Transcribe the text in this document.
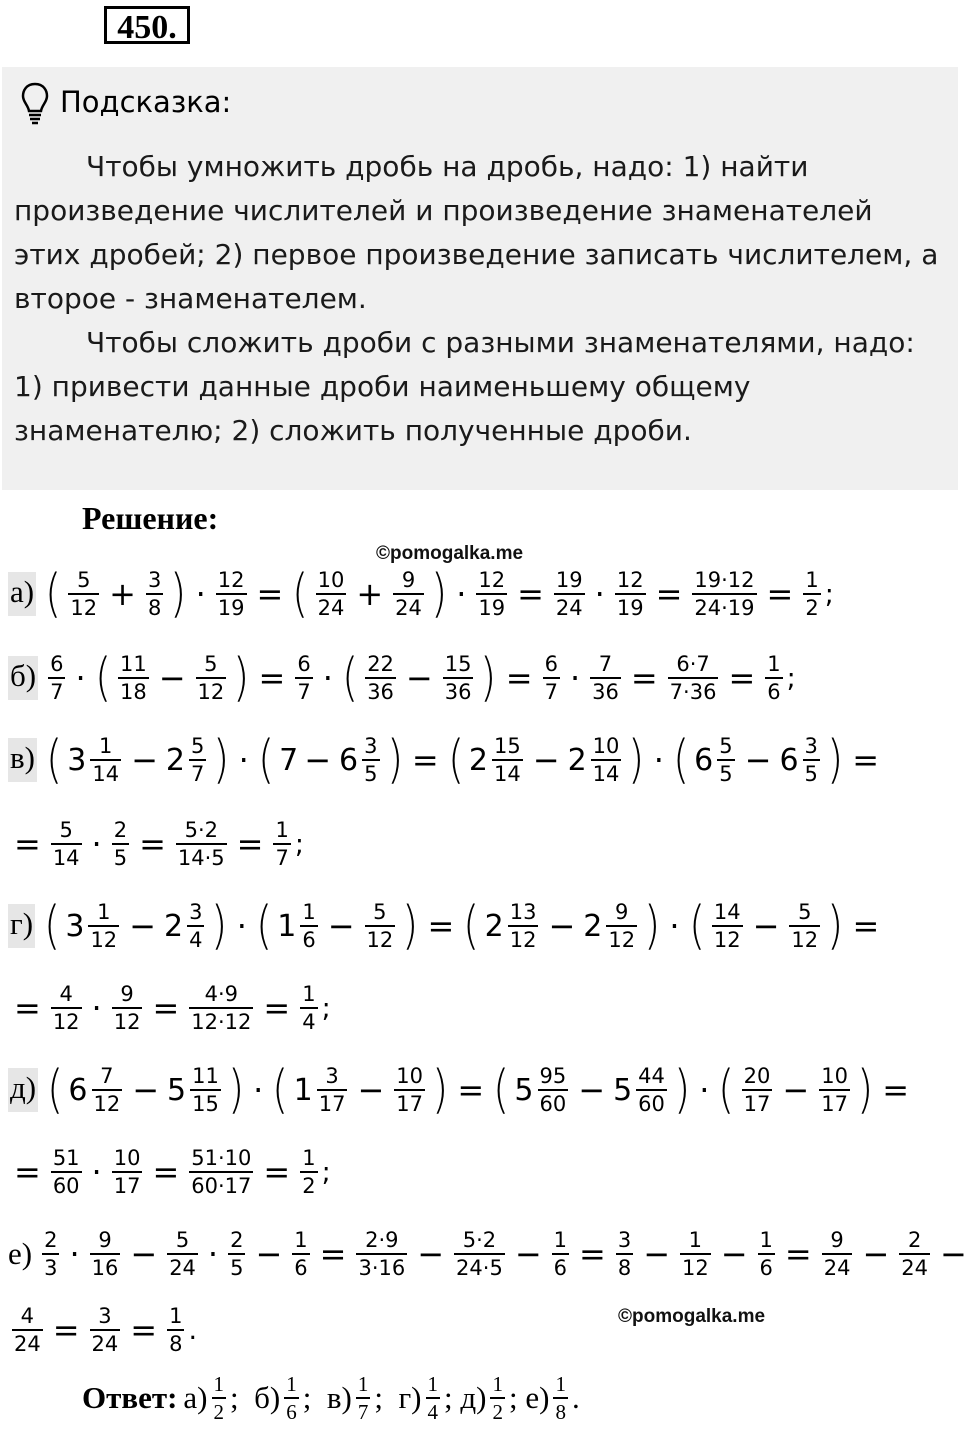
450.
Подсказка:
Чтобы умножить дробь на дробь, надо: 1) найти произведение числителей и произведение знаменателей этих дробей; 2) первое произведение записать числителем, а второе - знаменателем.
Чтобы сложить дроби с разными знаменателями, надо: 1) привести данные дроби наименьшему общему знаменателю; 2) сложить полученные дроби.
Решение:
©pomogalka.me
а) ( 5
$12 + \frac{3}{8}$ ) · $\frac{12}{19}$ = ( 10
$24 + \frac{9}{24}$ ) · $\frac{12}{19} = \frac{19}{24} \cdot \frac{12}{19} = \frac{19\cdot 12}{24\cdot 19} = \frac{1}{2}$ ;
б) 6
7 · ( 11
$18 - \frac{5}{12}$ ) = $\frac{6}{7}$ · ( 22
$36 - \frac{15}{36}$ ) = $\frac{6}{7} \cdot \frac{7}{36} = \frac{6\cdot 7}{7\cdot 36} = \frac{1}{6}$ ;
в) ( 3 1
14 − 2 5
7 ) · ( 7 − 6 3
5 ) = ( 2 15
14 − 2 10
14 ) · ( 6 5
5 − 6 3
5 ) =
= $\frac{5}{14} \cdot \frac{2}{5} = \frac{5\cdot 2}{14\cdot 5} = \frac{1}{7}$ ;
г) ( 3 1
12 − 2 3
4 ) · ( 1 1
$6 - \frac{5}{12}$ ) = ( 2 13
12 − 2 9
12 ) · ( 14
$12 - \frac{5}{12}$ ) =
= $\frac{4}{12} \cdot \frac{9}{12} = \frac{4\cdot 9}{12\cdot 12} = \frac{1}{4}$ ;
д) ( 6 7
12 − 5 11
15 ) · ( 1 3
$17 - \frac{10}{17}$ ) = ( 5 95
60 − 5 44
60 ) · ( 20
$17 - \frac{10}{17}$ ) =
= $\frac{51}{60} \cdot \frac{10}{17} = \frac{51\cdot 10}{60\cdot 17} = \frac{1}{2}$ ;
е) 2
3 · 9
$16 - \frac{5}{24} \cdot 2$
$5 - \frac{1}{6} = \frac{2\cdot 9}{3\cdot 16} - \frac{5\cdot 2}{24\cdot 5} - \frac{1}{6} = \frac{3}{8} - \frac{1}{12} - \frac{1}{6} = \frac{9}{24} - \frac{2}{24}$ −
$\frac{4}{24} = \frac{3}{24} = \frac{1}{8}$ .	©pomogalka.me
Ответ: а) 1
2 ; б) 1
6 ; в) 1
7 ; г) 1
4 ; д) 1
2 ; е) 1
8 .
